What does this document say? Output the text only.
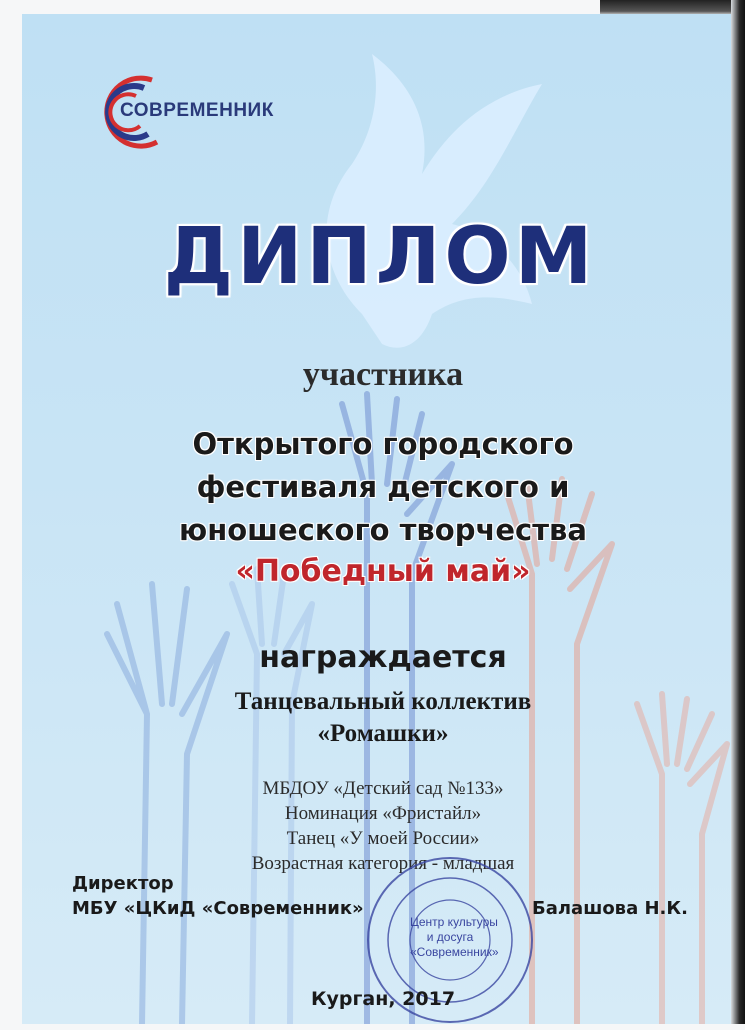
СОВРЕМЕННИК
ДИПЛОМ
участника
Открытого городского
фестиваля детского и
юношеского творчества
«Победный май»
награждается
Танцевальный коллектив
«Ромашки»
МБДОУ «Детский сад №133»
Номинация «Фристайл»
Танец «У моей России»
Возрастная категория - младшая
Центр культуры
и досуга
«Современник»
Директор
МБУ «ЦКиД «Современник»	Балашова Н.К.
Курган, 2017
